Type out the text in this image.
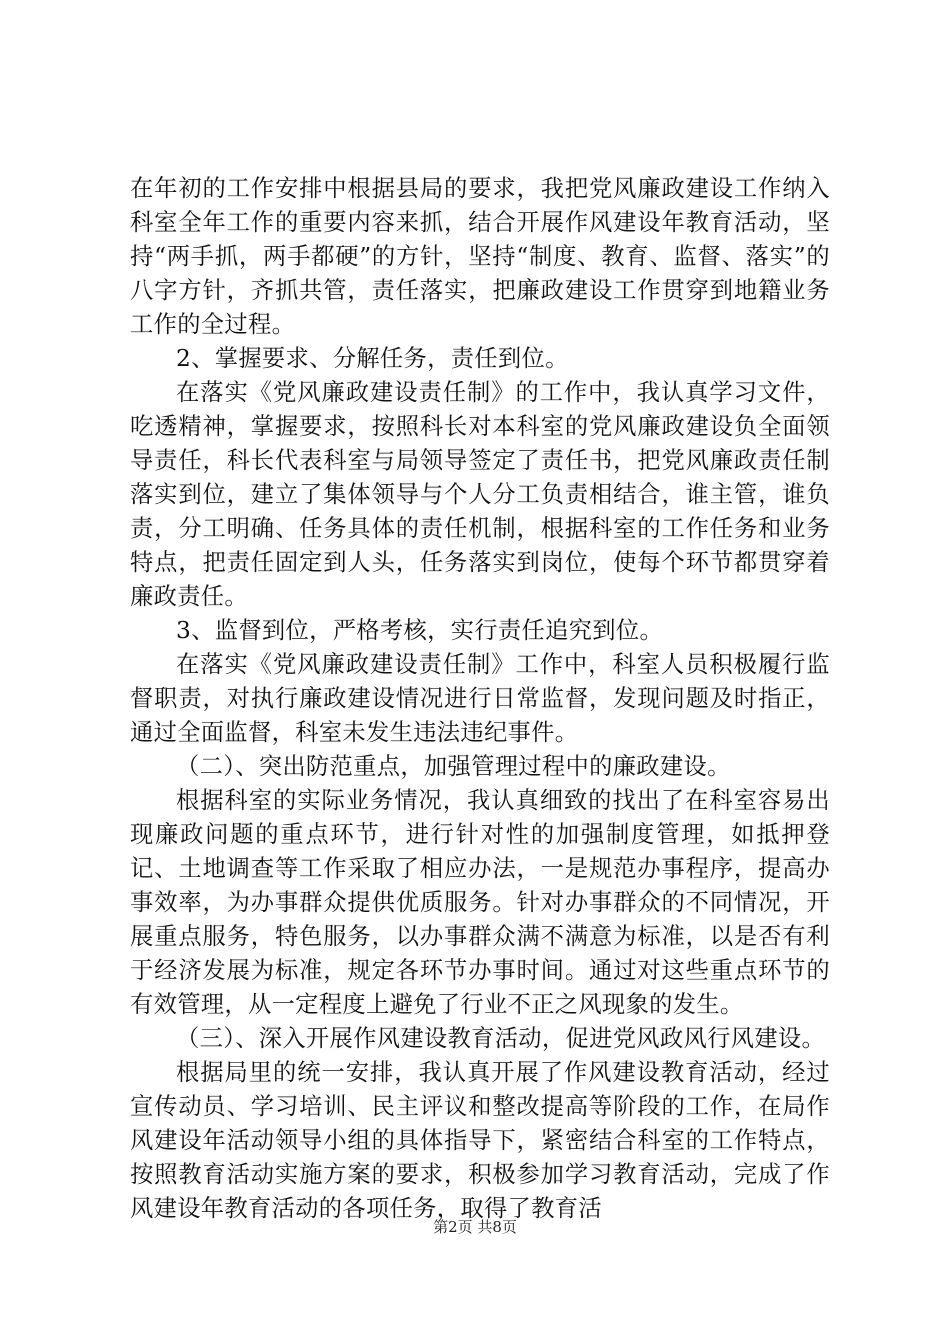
在年初的工作安排中根据县局的要求，我把党风廉政建设工作纳入科室全年工作的重要内容来抓，结合开展作风建设年教育活动，坚持“两手抓，两手都硬”的方针，坚持“制度、教育、监督、落实”的八字方针，齐抓共管，责任落实，把廉政建设工作贯穿到地籍业务工作的全过程。

2、掌握要求、分解任务，责任到位。

在落实《党风廉政建设责任制》的工作中，我认真学习文件，吃透精神，掌握要求，按照科长对本科室的党风廉政建设负全面领导责任，科长代表科室与局领导签定了责任书，把党风廉政责任制落实到位，建立了集体领导与个人分工负责相结合，谁主管，谁负责，分工明确、任务具体的责任机制，根据科室的工作任务和业务特点，把责任固定到人头，任务落实到岗位，使每个环节都贯穿着廉政责任。

3、监督到位，严格考核，实行责任追究到位。

在落实《党风廉政建设责任制》工作中，科室人员积极履行监督职责，对执行廉政建设情况进行日常监督，发现问题及时指正，通过全面监督，科室未发生违法违纪事件。

（二）、突出防范重点，加强管理过程中的廉政建设。

根据科室的实际业务情况，我认真细致的找出了在科室容易出现廉政问题的重点环节，进行针对性的加强制度管理，如抵押登记、土地调查等工作采取了相应办法，一是规范办事程序，提高办事效率，为办事群众提供优质服务。针对办事群众的不同情况，开展重点服务，特色服务，以办事群众满不满意为标准，以是否有利于经济发展为标准，规定各环节办事时间。通过对这些重点环节的有效管理，从一定程度上避免了行业不正之风现象的发生。

（三）、深入开展作风建设教育活动，促进党风政风行风建设。

根据局里的统一安排，我认真开展了作风建设教育活动，经过宣传动员、学习培训、民主评议和整改提高等阶段的工作，在局作风建设年活动领导小组的具体指导下，紧密结合科室的工作特点，按照教育活动实施方案的要求，积极参加学习教育活动，完成了作风建设年教育活动的各项任务，取得了教育活

第2页 共8页
